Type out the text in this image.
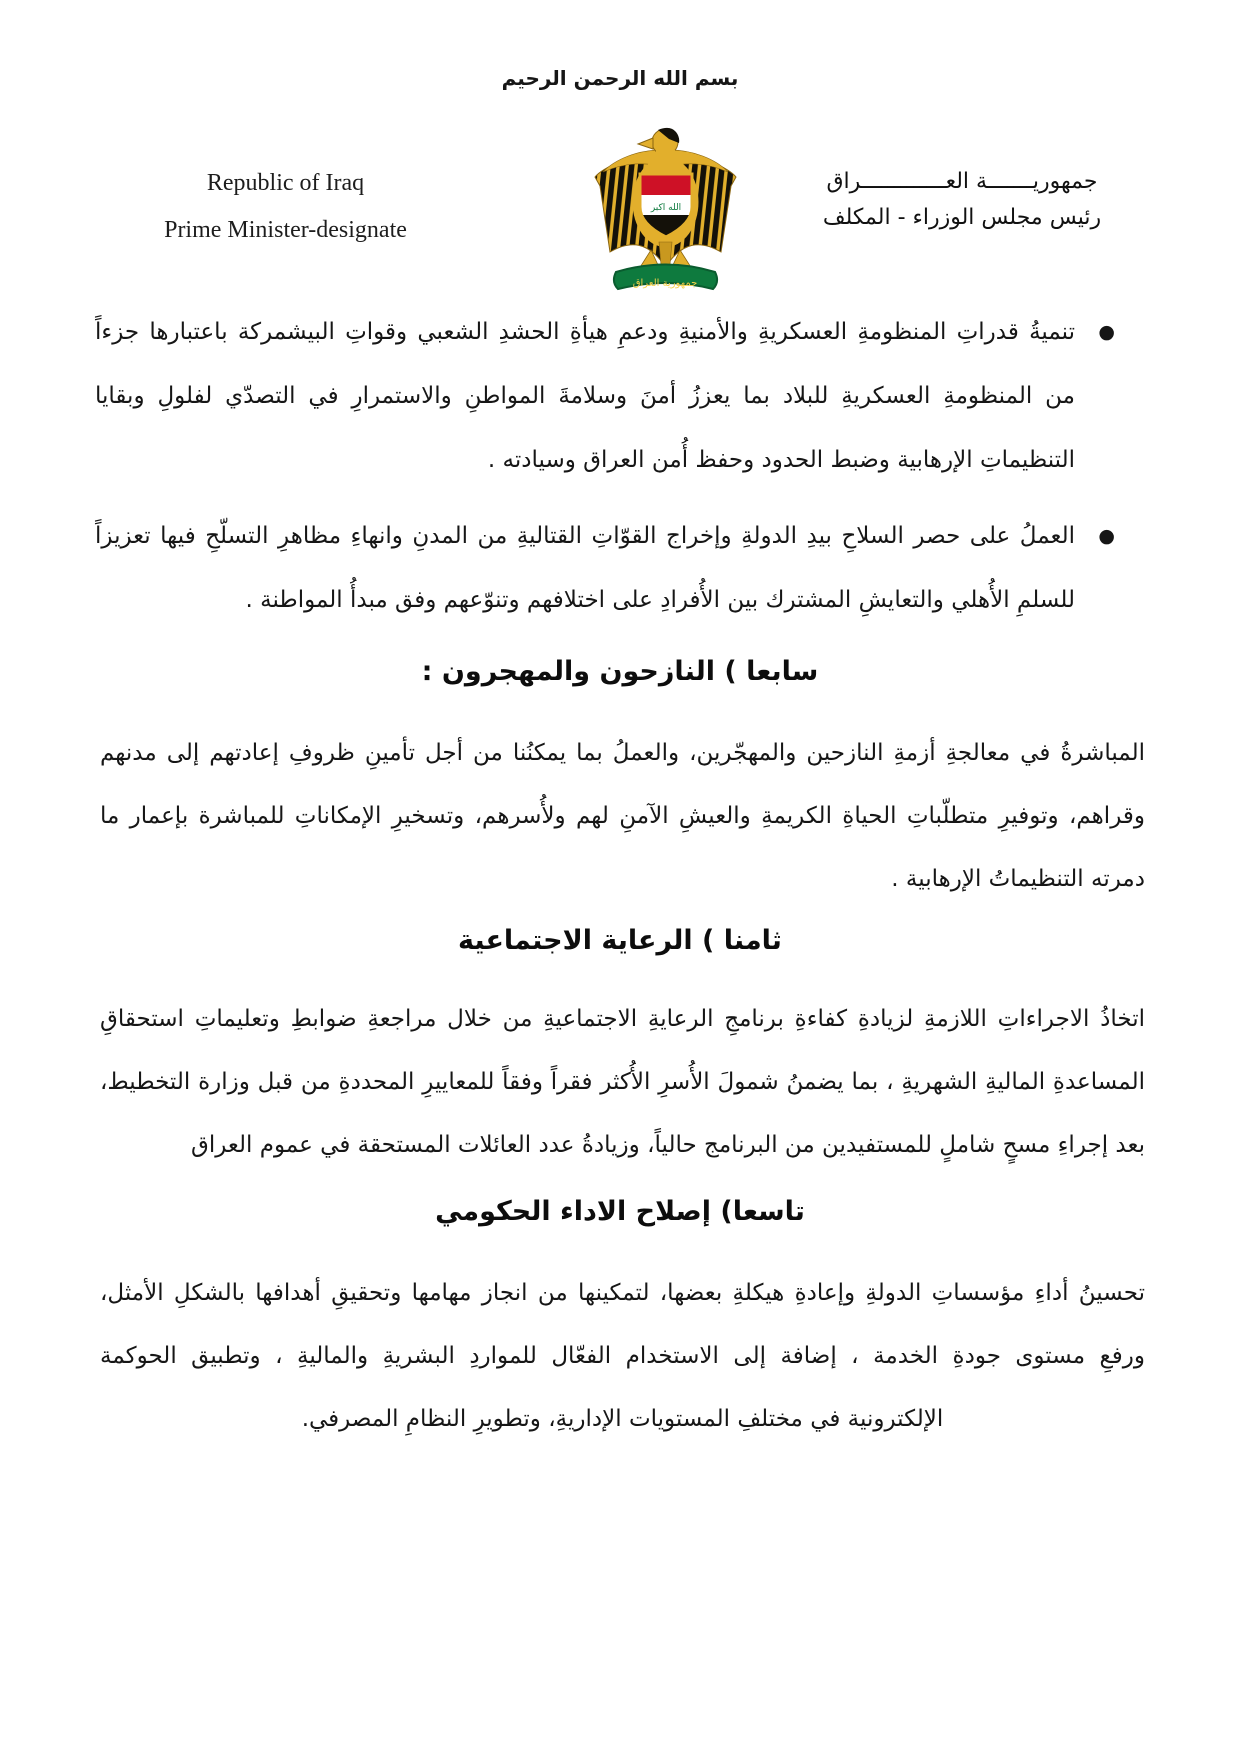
بسم الله الرحمن الرحيم
Republic of Iraq
Prime Minister-designate
الله اكبر
جمهورية العراق
جمهوريـــــــة العـــــــــــــراق
رئيس مجلس الوزراء - المكلف
●
تنميةُ قدراتِ المنظومةِ العسكريةِ والأمنيةِ ودعمِ هيأةِ الحشدِ الشعبي وقواتِ البيشمركة باعتبارها جزءاً من المنظومةِ العسكريةِ للبلاد بما يعززُ أمنَ وسلامةَ المواطنِ والاستمرارِ في التصدّي لفلولِ وبقايا التنظيماتِ الإرهابية وضبط الحدود وحفظ أُمن العراق وسيادته .
●
العملُ على حصر السلاحِ بيدِ الدولةِ وإخراج القوّاتِ القتاليةِ من المدنِ وانهاءِ مظاهرِ التسلّحِ فيها تعزيزاً للسلمِ الأُهلي والتعايشِ المشترك بين الأُفرادِ على اختلافهم وتنوّعهم وفق مبدأُ المواطنة .
سابعا ) النازحون والمهجرون :
المباشرةُ في معالجةِ أزمةِ النازحين والمهجّرين، والعملُ بما يمكنُنا من أجل تأمينِ ظروفِ إعادتهم إلى مدنهم وقراهم، وتوفيرِ متطلّباتِ الحياةِ الكريمةِ والعيشِ الآمنِ لهم ولأُسرهم، وتسخيرِ الإمكاناتِ للمباشرة بإعمار ما دمرته التنظيماتُ الإرهابية .
ثامنا ) الرعاية الاجتماعية
اتخاذُ الاجراءاتِ اللازمةِ لزيادةِ كفاءةِ برنامجِ الرعايةِ الاجتماعيةِ من خلال مراجعةِ ضوابطِ وتعليماتِ استحقاقِ المساعدةِ الماليةِ الشهريةِ ، بما يضمنُ شمولَ الأُسرِ الأُكثر فقراً وفقاً للمعاييرِ المحددةِ من قبل وزارة التخطيط، بعد إجراءِ مسحٍ شاملٍ للمستفيدين من البرنامج حالياً، وزيادةُ عدد العائلات المستحقة في عموم العراق
تاسعا) إصلاح الاداء الحكومي
تحسينُ أداءِ مؤسساتِ الدولةِ وإعادةِ هيكلةِ بعضها، لتمكينها من انجاز مهامها وتحقيقِ أهدافها بالشكلِ الأمثل، ورفعِ مستوى جودةِ الخدمة ، إضافة إلى الاستخدام الفعّال للمواردِ البشريةِ والماليةِ ، وتطبيق الحوكمة الإلكترونية في مختلفِ المستويات الإداريةِ، وتطويرِ النظامِ المصرفي.
